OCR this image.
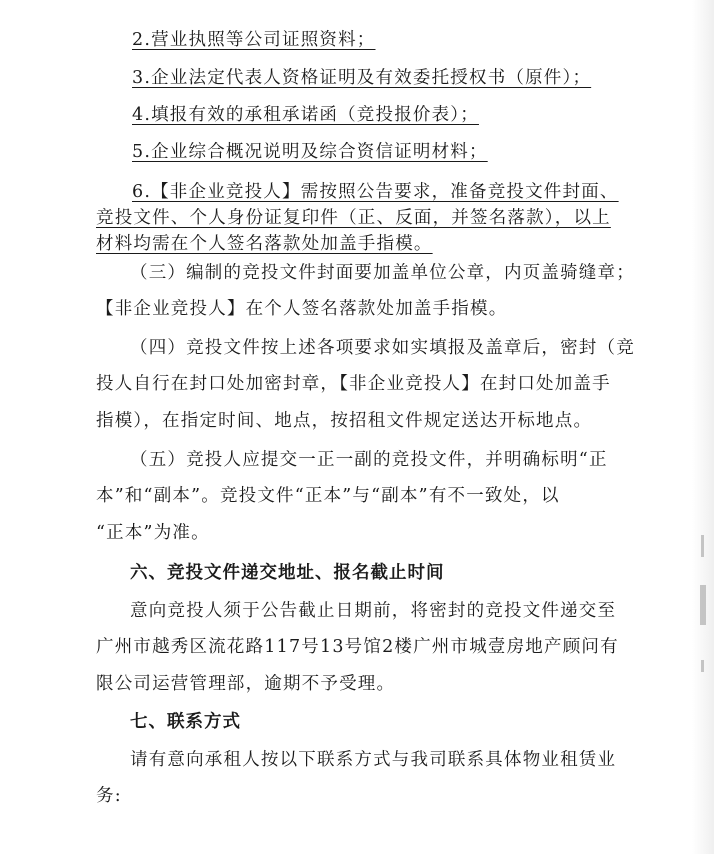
2.营业执照等公司证照资料；
3.企业法定代表人资格证明及有效委托授权书（原件）；
4.填报有效的承租承诺函（竞投报价表）；
5.企业综合概况说明及综合资信证明材料；
6.【非企业竞投人】需按照公告要求，准备竞投文件封面、
竞投文件、个人身份证复印件（正、反面，并签名落款），以上
材料均需在个人签名落款处加盖手指模。
（三）编制的竞投文件封面要加盖单位公章，内页盖骑缝章；
【非企业竞投人】在个人签名落款处加盖手指模。
（四）竞投文件按上述各项要求如实填报及盖章后，密封（竞
投人自行在封口处加密封章，【非企业竞投人】在封口处加盖手
指模），在指定时间、地点，按招租文件规定送达开标地点。
（五）竞投人应提交一正一副的竞投文件，并明确标明“正
本”和“副本”。竞投文件“正本”与“副本”有不一致处，以
“正本”为准。
六、竞投文件递交地址、报名截止时间
意向竞投人须于公告截止日期前，将密封的竞投文件递交至
广州市越秀区流花路117号13号馆2楼广州市城壹房地产顾问有
限公司运营管理部，逾期不予受理。
七、联系方式
请有意向承租人按以下联系方式与我司联系具体物业租赁业
务:
